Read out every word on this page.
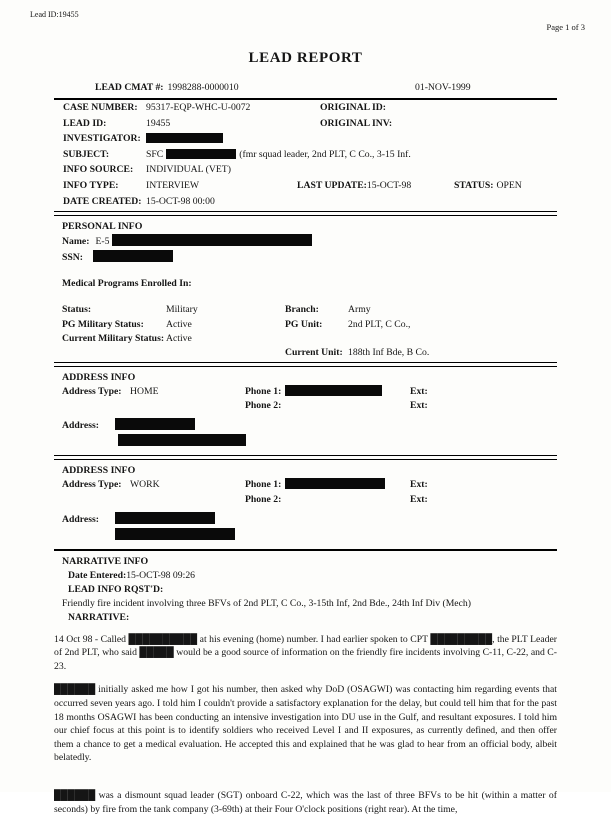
Lead ID:19455
Page 1 of 3
LEAD REPORT
LEAD CMAT #: 1998288-0000010	01-NOV-1999
CASE NUMBER: 95317-EQP-WHC-U-0072	ORIGINAL ID:
LEAD ID:	19455	ORIGINAL INV:
INVESTIGATOR:
SUBJECT:	SFC	(fmr squad leader, 2nd PLT, C Co., 3-15 Inf.
INFO SOURCE: INDIVIDUAL (VET)
INFO TYPE:	INTERVIEW	LAST UPDATE:15-OCT-98	STATUS: OPEN
DATE CREATED: 15-OCT-98 00:00
PERSONAL INFO
Name: E-5
SSN:
Medical Programs Enrolled In:
Status:	Military	Branch:	Army
PG Military Status: Active	PG Unit:	2nd PLT, C Co.,
Current Military Status: Active
Current Unit: 188th Inf Bde, B Co.
ADDRESS INFO
Address Type: HOME	Phone 1:	Ext:
Phone 2:	Ext:

Address:
ADDRESS INFO
Address Type: WORK	Phone 1:	Ext:
Phone 2:	Ext:

Address:
NARRATIVE INFO
Date Entered:15-OCT-98 09:26
LEAD INFO RQST'D:
Friendly fire incident involving three BFVs of 2nd PLT, C Co., 3-15th Inf, 2nd Bde., 24th Inf Div (Mech)
NARRATIVE:

14 Oct 98 - Called ██████████ at his evening (home) number. I had earlier spoken to CPT █████████, the PLT Leader of 2nd PLT, who said █████ would be a good source of information on the friendly fire incidents involving C-11, C-22, and C-23.

██████ initially asked me how I got his number, then asked why DoD (OSAGWI) was contacting him regarding events that occurred seven years ago. I told him I couldn't provide a satisfactory explanation for the delay, but could tell him that for the past 18 months OSAGWI has been conducting an intensive investigation into DU use in the Gulf, and resultant exposures. I told him our chief focus at this point is to identify soldiers who received Level I and II exposures, as currently defined, and then offer them a chance to get a medical evaluation. He accepted this and explained that he was glad to hear from an official body, albeit belatedly.

██████ was a dismount squad leader (SGT) onboard C-22, which was the last of three BFVs to be hit (within a matter of seconds) by fire from the tank company (3-69th) at their Four O'clock positions (right rear). At the time,
